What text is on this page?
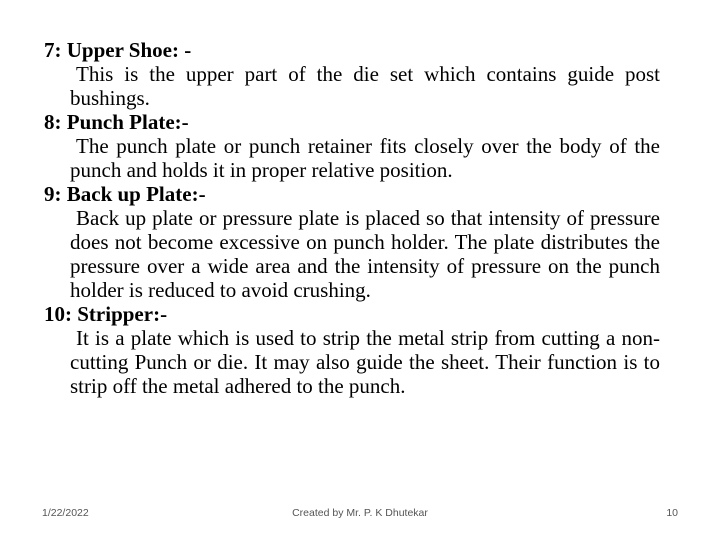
7: Upper Shoe: -

This is the upper part of the die set which contains guide post bushings.

8: Punch Plate:-

The punch plate or punch retainer fits closely over the body of the punch and holds it in proper relative position.

9: Back up Plate:-

Back up plate or pressure plate is placed so that intensity of pressure does not become excessive on punch holder. The plate distributes the pressure over a wide area and the intensity of pressure on the punch holder is reduced to avoid crushing.

10: Stripper:-

It is a plate which is used to strip the metal strip from cutting a non-cutting Punch or die. It may also guide the sheet. Their function is to strip off the metal adhered to the punch.

1/22/2022	Created by Mr. P. K Dhutekar	10
